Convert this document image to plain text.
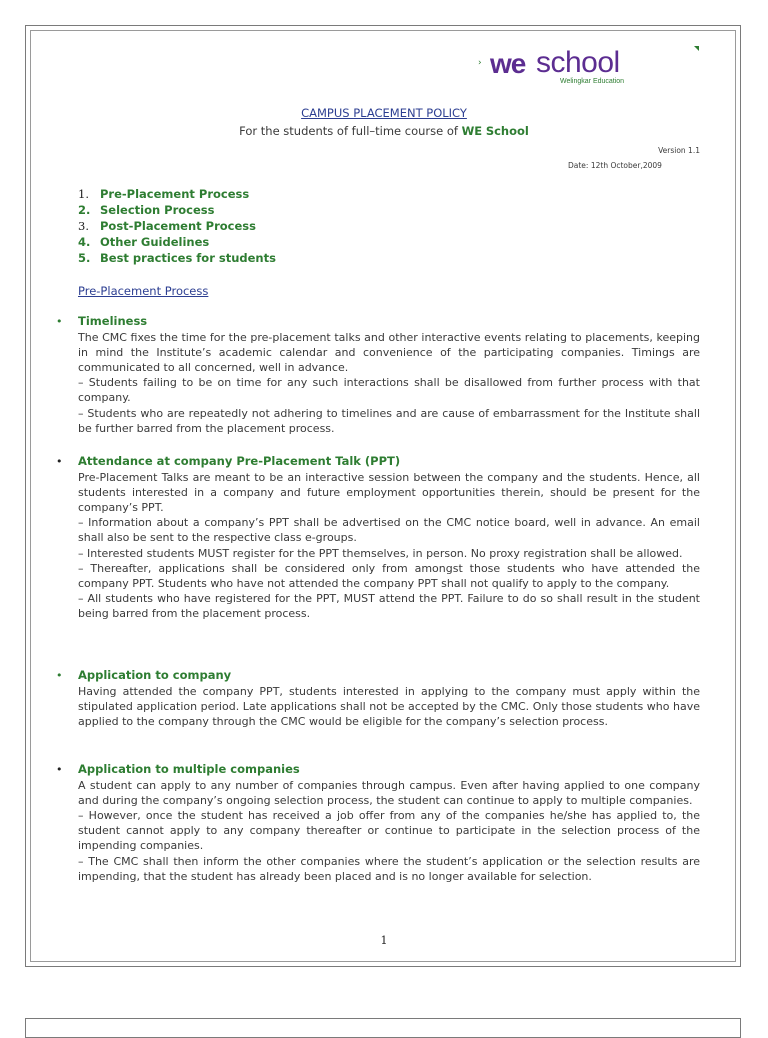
› we school
Welingkar Education
CAMPUS PLACEMENT POLICY
For the students of full–time course of WE School
Version 1.1
Date: 12th October,2009
1. Pre-Placement Process
2. Selection Process
3. Post-Placement Process
4. Other Guidelines
5. Best practices for students
Pre-Placement Process
• Timeliness

The CMC fixes the time for the pre-placement talks and other interactive events relating to placements, keeping in mind the Institute’s academic calendar and convenience of the participating companies. Timings are communicated to all concerned, well in advance.

– Students failing to be on time for any such interactions shall be disallowed from further process with that company.

– Students who are repeatedly not adhering to timelines and are cause of embarrassment for the Institute shall be further barred from the placement process.

• Attendance at company Pre-Placement Talk (PPT)

Pre-Placement Talks are meant to be an interactive session between the company and the students. Hence, all students interested in a company and future employment opportunities therein, should be present for the company’s PPT.

– Information about a company’s PPT shall be advertised on the CMC notice board, well in advance. An email shall also be sent to the respective class e-groups.

– Interested students MUST register for the PPT themselves, in person. No proxy registration shall be allowed.

– Thereafter, applications shall be considered only from amongst those students who have attended the company PPT. Students who have not attended the company PPT shall not qualify to apply to the company.

– All students who have registered for the PPT, MUST attend the PPT. Failure to do so shall result in the student being barred from the placement process.

• Application to company

Having attended the company PPT, students interested in applying to the company must apply within the stipulated application period. Late applications shall not be accepted by the CMC. Only those students who have applied to the company through the CMC would be eligible for the company’s selection process.

• Application to multiple companies

A student can apply to any number of companies through campus. Even after having applied to one company and during the company’s ongoing selection process, the student can continue to apply to multiple companies.

– However, once the student has received a job offer from any of the companies he/she has applied to, the student cannot apply to any company thereafter or continue to participate in the selection process of the impending companies.

– The CMC shall then inform the other companies where the student’s application or the selection results are impending, that the student has already been placed and is no longer available for selection.

1
